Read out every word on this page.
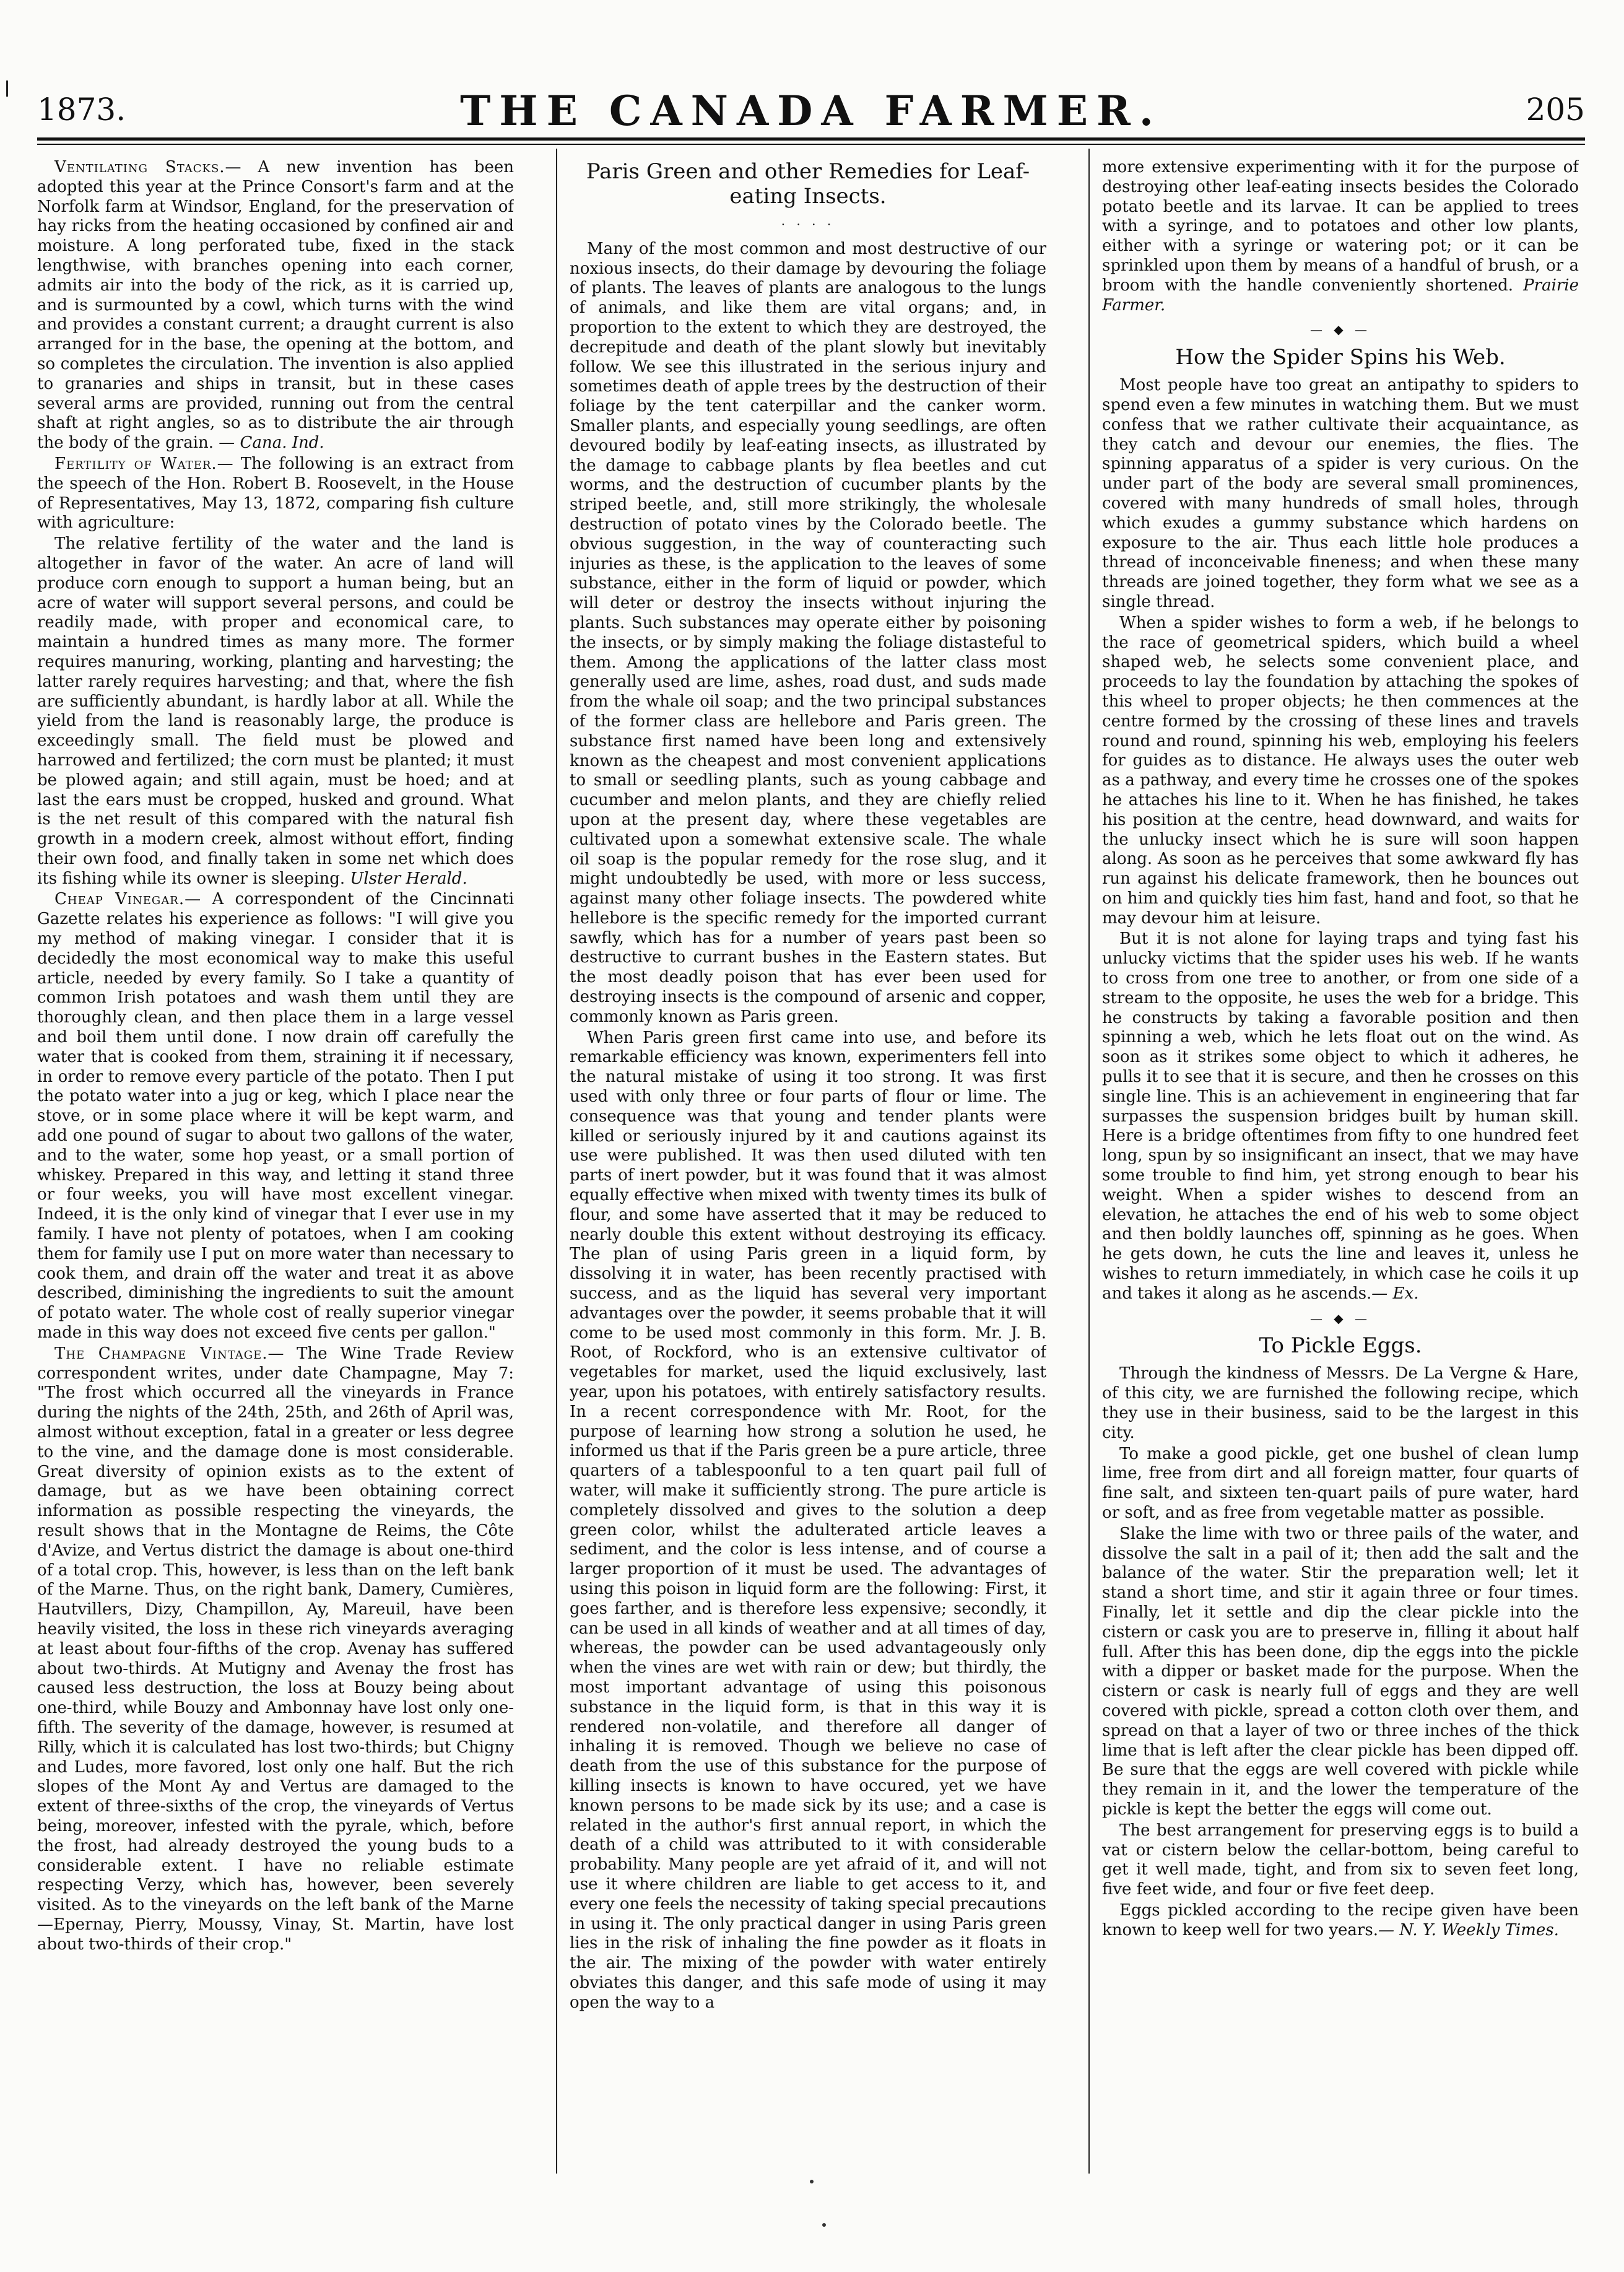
1873.	THE CANADA FARMER.	205

Ventilating Stacks.— A new invention has been adopted this year at the Prince Consort's farm and at the Norfolk farm at Windsor, England, for the preservation of hay ricks from the heating occasioned by confined air and moisture. A long perforated tube, fixed in the stack lengthwise, with branches opening into each corner, admits air into the body of the rick, as it is carried up, and is surmounted by a cowl, which turns with the wind and provides a constant current; a draught current is also arranged for in the base, the opening at the bottom, and so completes the circulation. The invention is also applied to granaries and ships in transit, but in these cases several arms are provided, running out from the central shaft at right angles, so as to distribute the air through the body of the grain. — Cana. Ind.

Fertility of Water.— The following is an extract from the speech of the Hon. Robert B. Roosevelt, in the House of Representatives, May 13, 1872, comparing fish culture with agriculture:

The relative fertility of the water and the land is altogether in favor of the water. An acre of land will produce corn enough to support a human being, but an acre of water will support several persons, and could be readily made, with proper and economical care, to maintain a hundred times as many more. The former requires manuring, working, planting and harvesting; the latter rarely requires harvesting; and that, where the fish are sufficiently abundant, is hardly labor at all. While the yield from the land is reasonably large, the produce is exceedingly small. The field must be plowed and harrowed and fertilized; the corn must be planted; it must be plowed again; and still again, must be hoed; and at last the ears must be cropped, husked and ground. What is the net result of this compared with the natural fish growth in a modern creek, almost without effort, finding their own food, and finally taken in some net which does its fishing while its owner is sleeping. Ulster Herald.

Cheap Vinegar.— A correspondent of the Cincinnati Gazette relates his experience as follows: "I will give you my method of making vinegar. I consider that it is decidedly the most economical way to make this useful article, needed by every family. So I take a quantity of common Irish potatoes and wash them until they are thoroughly clean, and then place them in a large vessel and boil them until done. I now drain off carefully the water that is cooked from them, straining it if necessary, in order to remove every particle of the potato. Then I put the potato water into a jug or keg, which I place near the stove, or in some place where it will be kept warm, and add one pound of sugar to about two gallons of the water, and to the water, some hop yeast, or a small portion of whiskey. Prepared in this way, and letting it stand three or four weeks, you will have most excellent vinegar. Indeed, it is the only kind of vinegar that I ever use in my family. I have not plenty of potatoes, when I am cooking them for family use I put on more water than necessary to cook them, and drain off the water and treat it as above described, diminishing the ingredients to suit the amount of potato water. The whole cost of really superior vinegar made in this way does not exceed five cents per gallon."

The Champagne Vintage.— The Wine Trade Review correspondent writes, under date Champagne, May 7: "The frost which occurred all the vineyards in France during the nights of the 24th, 25th, and 26th of April was, almost without exception, fatal in a greater or less degree to the vine, and the damage done is most considerable. Great diversity of opinion exists as to the extent of damage, but as we have been obtaining correct information as possible respecting the vineyards, the result shows that in the Montagne de Reims, the Côte d'Avize, and Vertus district the damage is about one-third of a total crop. This, however, is less than on the left bank of the Marne. Thus, on the right bank, Damery, Cumières, Hautvillers, Dizy, Champillon, Ay, Mareuil, have been heavily visited, the loss in these rich vineyards averaging at least about four-fifths of the crop. Avenay has suffered about two-thirds. At Mutigny and Avenay the frost has caused less destruction, the loss at Bouzy being about one-third, while Bouzy and Ambonnay have lost only one-fifth. The severity of the damage, however, is resumed at Rilly, which it is calculated has lost two-thirds; but Chigny and Ludes, more favored, lost only one half. But the rich slopes of the Mont Ay and Vertus are damaged to the extent of three-sixths of the crop, the vineyards of Vertus being, moreover, infested with the pyrale, which, before the frost, had already destroyed the young buds to a considerable extent. I have no reliable estimate respecting Verzy, which has, however, been severely visited. As to the vineyards on the left bank of the Marne—Epernay, Pierry, Moussy, Vinay, St. Martin, have lost about two-thirds of their crop."

Paris Green and other Remedies for Leaf-eating Insects.
· · · ·

Many of the most common and most destructive of our noxious insects, do their damage by devouring the foliage of plants. The leaves of plants are analogous to the lungs of animals, and like them are vital organs; and, in proportion to the extent to which they are destroyed, the decrepitude and death of the plant slowly but inevitably follow. We see this illustrated in the serious injury and sometimes death of apple trees by the destruction of their foliage by the tent caterpillar and the canker worm. Smaller plants, and especially young seedlings, are often devoured bodily by leaf-eating insects, as illustrated by the damage to cabbage plants by flea beetles and cut worms, and the destruction of cucumber plants by the striped beetle, and, still more strikingly, the wholesale destruction of potato vines by the Colorado beetle. The obvious suggestion, in the way of counteracting such injuries as these, is the application to the leaves of some substance, either in the form of liquid or powder, which will deter or destroy the insects without injuring the plants. Such substances may operate either by poisoning the insects, or by simply making the foliage distasteful to them. Among the applications of the latter class most generally used are lime, ashes, road dust, and suds made from the whale oil soap; and the two principal substances of the former class are hellebore and Paris green. The substance first named have been long and extensively known as the cheapest and most convenient applications to small or seedling plants, such as young cabbage and cucumber and melon plants, and they are chiefly relied upon at the present day, where these vegetables are cultivated upon a somewhat extensive scale. The whale oil soap is the popular remedy for the rose slug, and it might undoubtedly be used, with more or less success, against many other foliage insects. The powdered white hellebore is the specific remedy for the imported currant sawfly, which has for a number of years past been so destructive to currant bushes in the Eastern states. But the most deadly poison that has ever been used for destroying insects is the compound of arsenic and copper, commonly known as Paris green.

When Paris green first came into use, and before its remarkable efficiency was known, experimenters fell into the natural mistake of using it too strong. It was first used with only three or four parts of flour or lime. The consequence was that young and tender plants were killed or seriously injured by it and cautions against its use were published. It was then used diluted with ten parts of inert powder, but it was found that it was almost equally effective when mixed with twenty times its bulk of flour, and some have asserted that it may be reduced to nearly double this extent without destroying its efficacy. The plan of using Paris green in a liquid form, by dissolving it in water, has been recently practised with success, and as the liquid has several very important advantages over the powder, it seems probable that it will come to be used most commonly in this form. Mr. J. B. Root, of Rockford, who is an extensive cultivator of vegetables for market, used the liquid exclusively, last year, upon his potatoes, with entirely satisfactory results. In a recent correspondence with Mr. Root, for the purpose of learning how strong a solution he used, he informed us that if the Paris green be a pure article, three quarters of a tablespoonful to a ten quart pail full of water, will make it sufficiently strong. The pure article is completely dissolved and gives to the solution a deep green color, whilst the adulterated article leaves a sediment, and the color is less intense, and of course a larger proportion of it must be used. The advantages of using this poison in liquid form are the following: First, it goes farther, and is therefore less expensive; secondly, it can be used in all kinds of weather and at all times of day, whereas, the powder can be used advantageously only when the vines are wet with rain or dew; but thirdly, the most important advantage of using this poisonous substance in the liquid form, is that in this way it is rendered non-volatile, and therefore all danger of inhaling it is removed. Though we believe no case of death from the use of this substance for the purpose of killing insects is known to have occured, yet we have known persons to be made sick by its use; and a case is related in the author's first annual report, in which the death of a child was attributed to it with considerable probability. Many people are yet afraid of it, and will not use it where children are liable to get access to it, and every one feels the necessity of taking special precautions in using it. The only practical danger in using Paris green lies in the risk of inhaling the fine powder as it floats in the air. The mixing of the powder with water entirely obviates this danger, and this safe mode of using it may open the way to a

more extensive experimenting with it for the purpose of destroying other leaf-eating insects besides the Colorado potato beetle and its larvae. It can be applied to trees with a syringe, and to potatoes and other low plants, either with a syringe or watering pot; or it can be sprinkled upon them by means of a handful of brush, or a broom with the handle conveniently shortened. Prairie Farmer.

— ◆ —
How the Spider Spins his Web.

Most people have too great an antipathy to spiders to spend even a few minutes in watching them. But we must confess that we rather cultivate their acquaintance, as they catch and devour our enemies, the flies. The spinning apparatus of a spider is very curious. On the under part of the body are several small prominences, covered with many hundreds of small holes, through which exudes a gummy substance which hardens on exposure to the air. Thus each little hole produces a thread of inconceivable fineness; and when these many threads are joined together, they form what we see as a single thread.

When a spider wishes to form a web, if he belongs to the race of geometrical spiders, which build a wheel shaped web, he selects some convenient place, and proceeds to lay the foundation by attaching the spokes of this wheel to proper objects; he then commences at the centre formed by the crossing of these lines and travels round and round, spinning his web, employing his feelers for guides as to distance. He always uses the outer web as a pathway, and every time he crosses one of the spokes he attaches his line to it. When he has finished, he takes his position at the centre, head downward, and waits for the unlucky insect which he is sure will soon happen along. As soon as he perceives that some awkward fly has run against his delicate framework, then he bounces out on him and quickly ties him fast, hand and foot, so that he may devour him at leisure.

But it is not alone for laying traps and tying fast his unlucky victims that the spider uses his web. If he wants to cross from one tree to another, or from one side of a stream to the opposite, he uses the web for a bridge. This he constructs by taking a favorable position and then spinning a web, which he lets float out on the wind. As soon as it strikes some object to which it adheres, he pulls it to see that it is secure, and then he crosses on this single line. This is an achievement in engineering that far surpasses the suspension bridges built by human skill. Here is a bridge oftentimes from fifty to one hundred feet long, spun by so insignificant an insect, that we may have some trouble to find him, yet strong enough to bear his weight. When a spider wishes to descend from an elevation, he attaches the end of his web to some object and then boldly launches off, spinning as he goes. When he gets down, he cuts the line and leaves it, unless he wishes to return immediately, in which case he coils it up and takes it along as he ascends.— Ex.

— ◆ —
To Pickle Eggs.

Through the kindness of Messrs. De La Vergne & Hare, of this city, we are furnished the following recipe, which they use in their business, said to be the largest in this city.

To make a good pickle, get one bushel of clean lump lime, free from dirt and all foreign matter, four quarts of fine salt, and sixteen ten-quart pails of pure water, hard or soft, and as free from vegetable matter as possible.

Slake the lime with two or three pails of the water, and dissolve the salt in a pail of it; then add the salt and the balance of the water. Stir the preparation well; let it stand a short time, and stir it again three or four times. Finally, let it settle and dip the clear pickle into the cistern or cask you are to preserve in, filling it about half full. After this has been done, dip the eggs into the pickle with a dipper or basket made for the purpose. When the cistern or cask is nearly full of eggs and they are well covered with pickle, spread a cotton cloth over them, and spread on that a layer of two or three inches of the thick lime that is left after the clear pickle has been dipped off. Be sure that the eggs are well covered with pickle while they remain in it, and the lower the temperature of the pickle is kept the better the eggs will come out.

The best arrangement for preserving eggs is to build a vat or cistern below the cellar-bottom, being careful to get it well made, tight, and from six to seven feet long, five feet wide, and four or five feet deep.

Eggs pickled according to the recipe given have been known to keep well for two years.— N. Y. Weekly Times.
